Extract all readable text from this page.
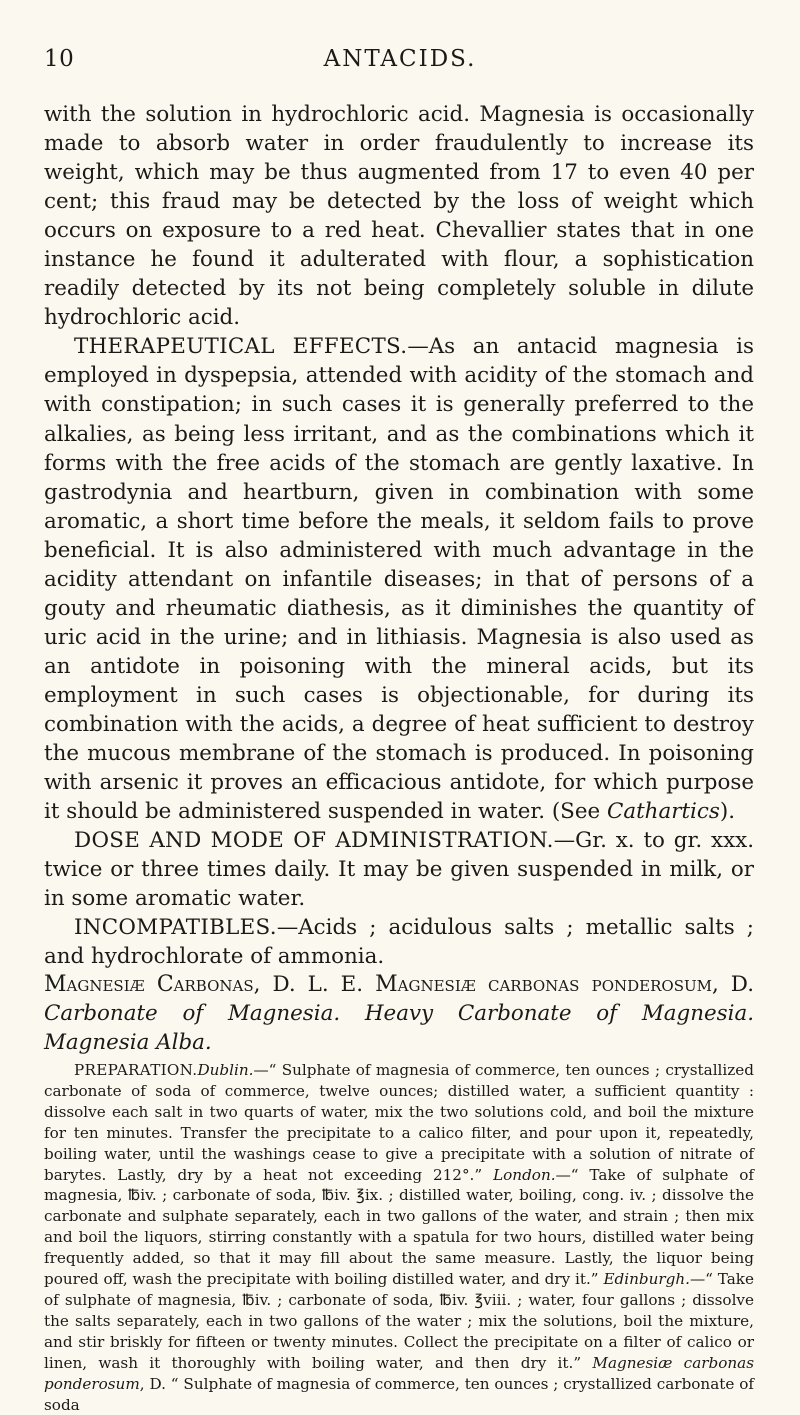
10	ANTACIDS.

with the solution in hydrochloric acid. Magnesia is occasionally made to absorb water in order fraudulently to increase its weight, which may be thus augmented from 17 to even 40 per cent; this fraud may be detected by the loss of weight which occurs on exposure to a red heat. Chevallier states that in one instance he found it adulterated with flour, a sophistication readily detected by its not being completely soluble in dilute hydrochloric acid.

THERAPEUTICAL EFFECTS.—As an antacid magnesia is employed in dyspepsia, attended with acidity of the stomach and with constipation; in such cases it is generally preferred to the alkalies, as being less irritant, and as the combinations which it forms with the free acids of the stomach are gently laxative. In gastrodynia and heartburn, given in combination with some aromatic, a short time before the meals, it seldom fails to prove beneficial. It is also administered with much advantage in the acidity attendant on infantile diseases; in that of persons of a gouty and rheumatic diathesis, as it diminishes the quantity of uric acid in the urine; and in lithiasis. Magnesia is also used as an antidote in poisoning with the mineral acids, but its employment in such cases is objectionable, for during its combination with the acids, a degree of heat sufficient to destroy the mucous membrane of the stomach is produced. In poisoning with arsenic it proves an efficacious antidote, for which purpose it should be administered suspended in water. (See Cathartics).

DOSE AND MODE OF ADMINISTRATION.—Gr. x. to gr. xxx. twice or three times daily. It may be given suspended in milk, or in some aromatic water.

INCOMPATIBLES.—Acids ; acidulous salts ; metallic salts ; and hydrochlorate of ammonia.

Magnesiæ Carbonas, D. L. E. Magnesiæ carbonas ponderosum, D. Carbonate of Magnesia. Heavy Carbonate of Magnesia. Magnesia Alba.

PREPARATION.Dublin.—“ Sulphate of magnesia of commerce, ten ounces ; crystallized carbonate of soda of commerce, twelve ounces; distilled water, a sufficient quantity : dissolve each salt in two quarts of water, mix the two solutions cold, and boil the mixture for ten minutes. Transfer the precipitate to a calico filter, and pour upon it, repeatedly, boiling water, until the washings cease to give a precipitate with a solution of nitrate of barytes. Lastly, dry by a heat not exceeding 212°.” London.—“ Take of sulphate of magnesia, ℔iv. ; carbonate of soda, ℔iv. ℥ix. ; distilled water, boiling, cong. iv. ; dissolve the carbonate and sulphate separately, each in two gallons of the water, and strain ; then mix and boil the liquors, stirring constantly with a spatula for two hours, distilled water being frequently added, so that it may fill about the same measure. Lastly, the liquor being poured off, wash the precipitate with boiling distilled water, and dry it.” Edinburgh.—“ Take of sulphate of magnesia, ℔iv. ; carbonate of soda, ℔iv. ℥viii. ; water, four gallons ; dissolve the salts separately, each in two gallons of the water ; mix the solutions, boil the mixture, and stir briskly for fifteen or twenty minutes. Collect the precipitate on a filter of calico or linen, wash it thoroughly with boiling water, and then dry it.” Magnesiæ carbonas ponderosum, D. “ Sulphate of magnesia of commerce, ten ounces ; crystallized carbonate of soda
